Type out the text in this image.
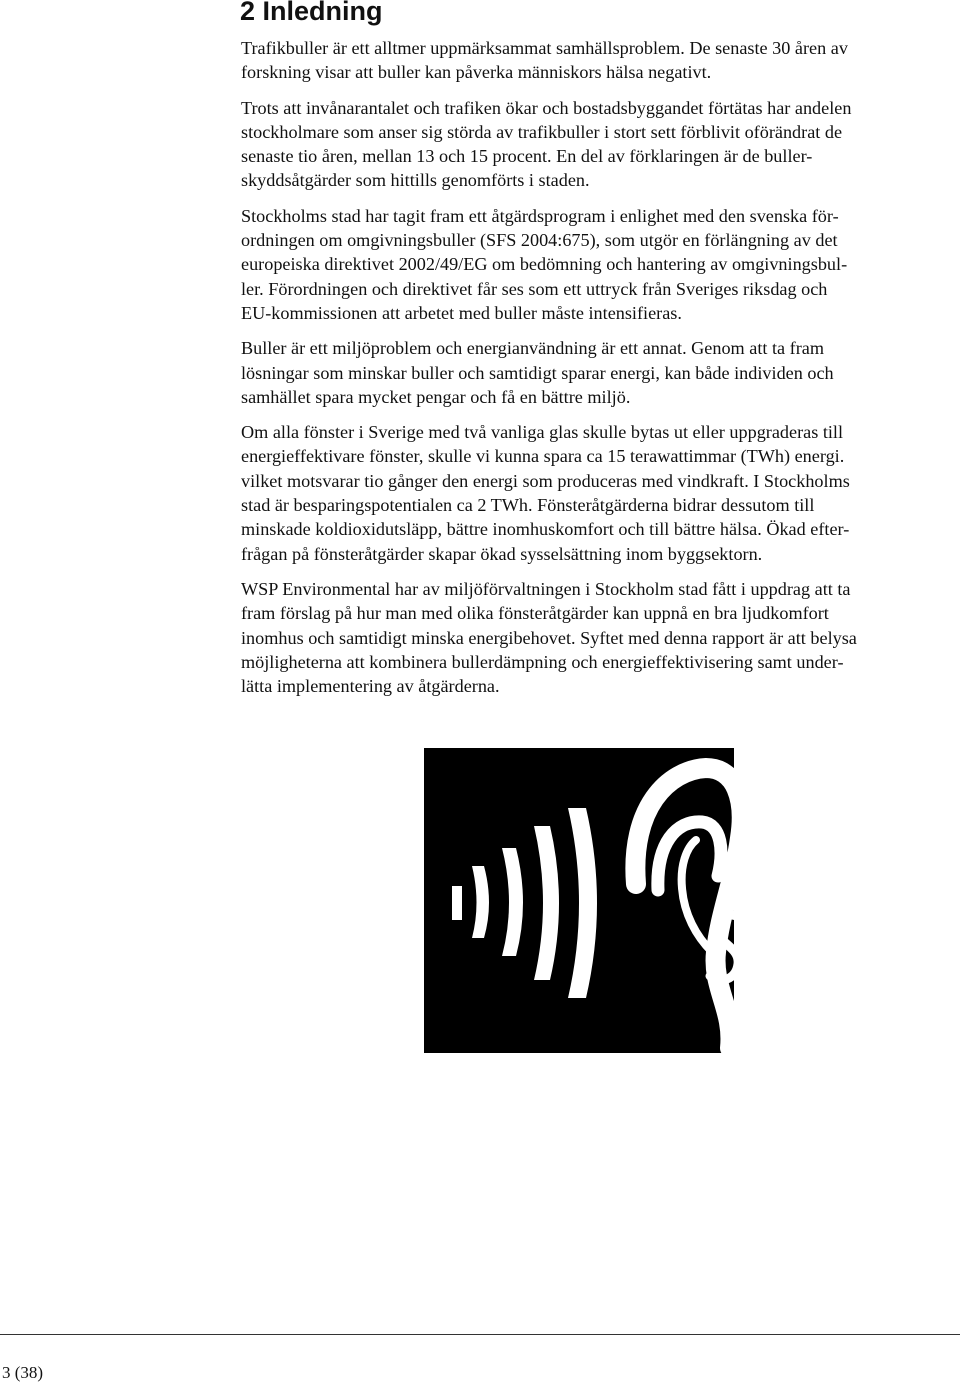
2 Inledning

Trafikbuller är ett alltmer uppmärksammat samhällsproblem. De senaste 30 åren av
forskning visar att buller kan påverka människors hälsa negativt.

Trots att invånarantalet och trafiken ökar och bostadsbyggandet förtätas har andelen
stockholmare som anser sig störda av trafikbuller i stort sett förblivit oförändrat de
senaste tio åren, mellan 13 och 15 procent. En del av förklaringen är de buller-
skyddsåtgärder som hittills genomförts i staden.

Stockholms stad har tagit fram ett åtgärdsprogram i enlighet med den svenska för-
ordningen om omgivningsbuller (SFS 2004:675), som utgör en förlängning av det
europeiska direktivet 2002/49/EG om bedömning och hantering av omgivningsbul-
ler. Förordningen och direktivet får ses som ett uttryck från Sveriges riksdag och
EU-kommissionen att arbetet med buller måste intensifieras.

Buller är ett miljöproblem och energianvändning är ett annat. Genom att ta fram
lösningar som minskar buller och samtidigt sparar energi, kan både individen och
samhället spara mycket pengar och få en bättre miljö.

Om alla fönster i Sverige med två vanliga glas skulle bytas ut eller uppgraderas till
energieffektivare fönster, skulle vi kunna spara ca 15 terawattimmar (TWh) energi.
vilket motsvarar tio gånger den energi som produceras med vindkraft. I Stockholms
stad är besparingspotentialen ca 2 TWh. Fönsteråtgärderna bidrar dessutom till
minskade koldioxidutsläpp, bättre inomhuskomfort och till bättre hälsa. Ökad efter-
frågan på fönsteråtgärder skapar ökad sysselsättning inom byggsektorn.

WSP Environmental har av miljöförvaltningen i Stockholm stad fått i uppdrag att ta
fram förslag på hur man med olika fönsteråtgärder kan uppnå en bra ljudkomfort
inomhus och samtidigt minska energibehovet. Syftet med denna rapport är att belysa
möjligheterna att kombinera bullerdämpning och energieffektivisering samt under-
lätta implementering av åtgärderna.

3 (38)
